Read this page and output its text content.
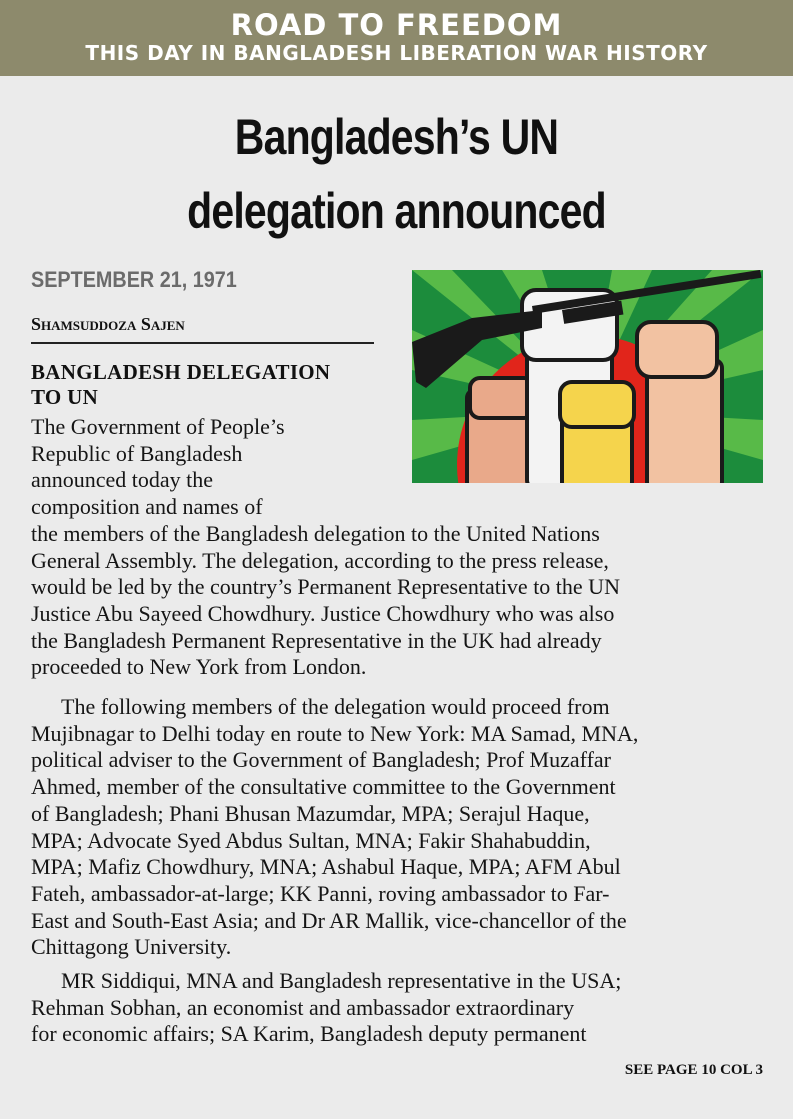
ROAD TO FREEDOM
THIS DAY IN BANGLADESH LIBERATION WAR HISTORY
Bangladesh’s UN
delegation announced
SEPTEMBER 21, 1971
Shamsuddoza Sajen
BANGLADESH DELEGATION
TO UN
The Government of People’s
Republic of Bangladesh
announced today the
composition and names of
the members of the Bangladesh delegation to the United Nations
General Assembly. The delegation, according to the press release,
would be led by the country’s Permanent Representative to the UN
Justice Abu Sayeed Chowdhury. Justice Chowdhury who was also
the Bangladesh Permanent Representative in the UK had already
proceeded to New York from London.
The following members of the delegation would proceed from
Mujibnagar to Delhi today en route to New York: MA Samad, MNA,
political adviser to the Government of Bangladesh; Prof Muzaffar
Ahmed, member of the consultative committee to the Government
of Bangladesh; Phani Bhusan Mazumdar, MPA; Serajul Haque,
MPA; Advocate Syed Abdus Sultan, MNA; Fakir Shahabuddin,
MPA; Mafiz Chowdhury, MNA; Ashabul Haque, MPA; AFM Abul
Fateh, ambassador-at-large; KK Panni, roving ambassador to Far-
East and South-East Asia; and Dr AR Mallik, vice-chancellor of the
Chittagong University.
MR Siddiqui, MNA and Bangladesh representative in the USA;
Rehman Sobhan, an economist and ambassador extraordinary
for economic affairs; SA Karim, Bangladesh deputy permanent
SEE PAGE 10 COL 3
